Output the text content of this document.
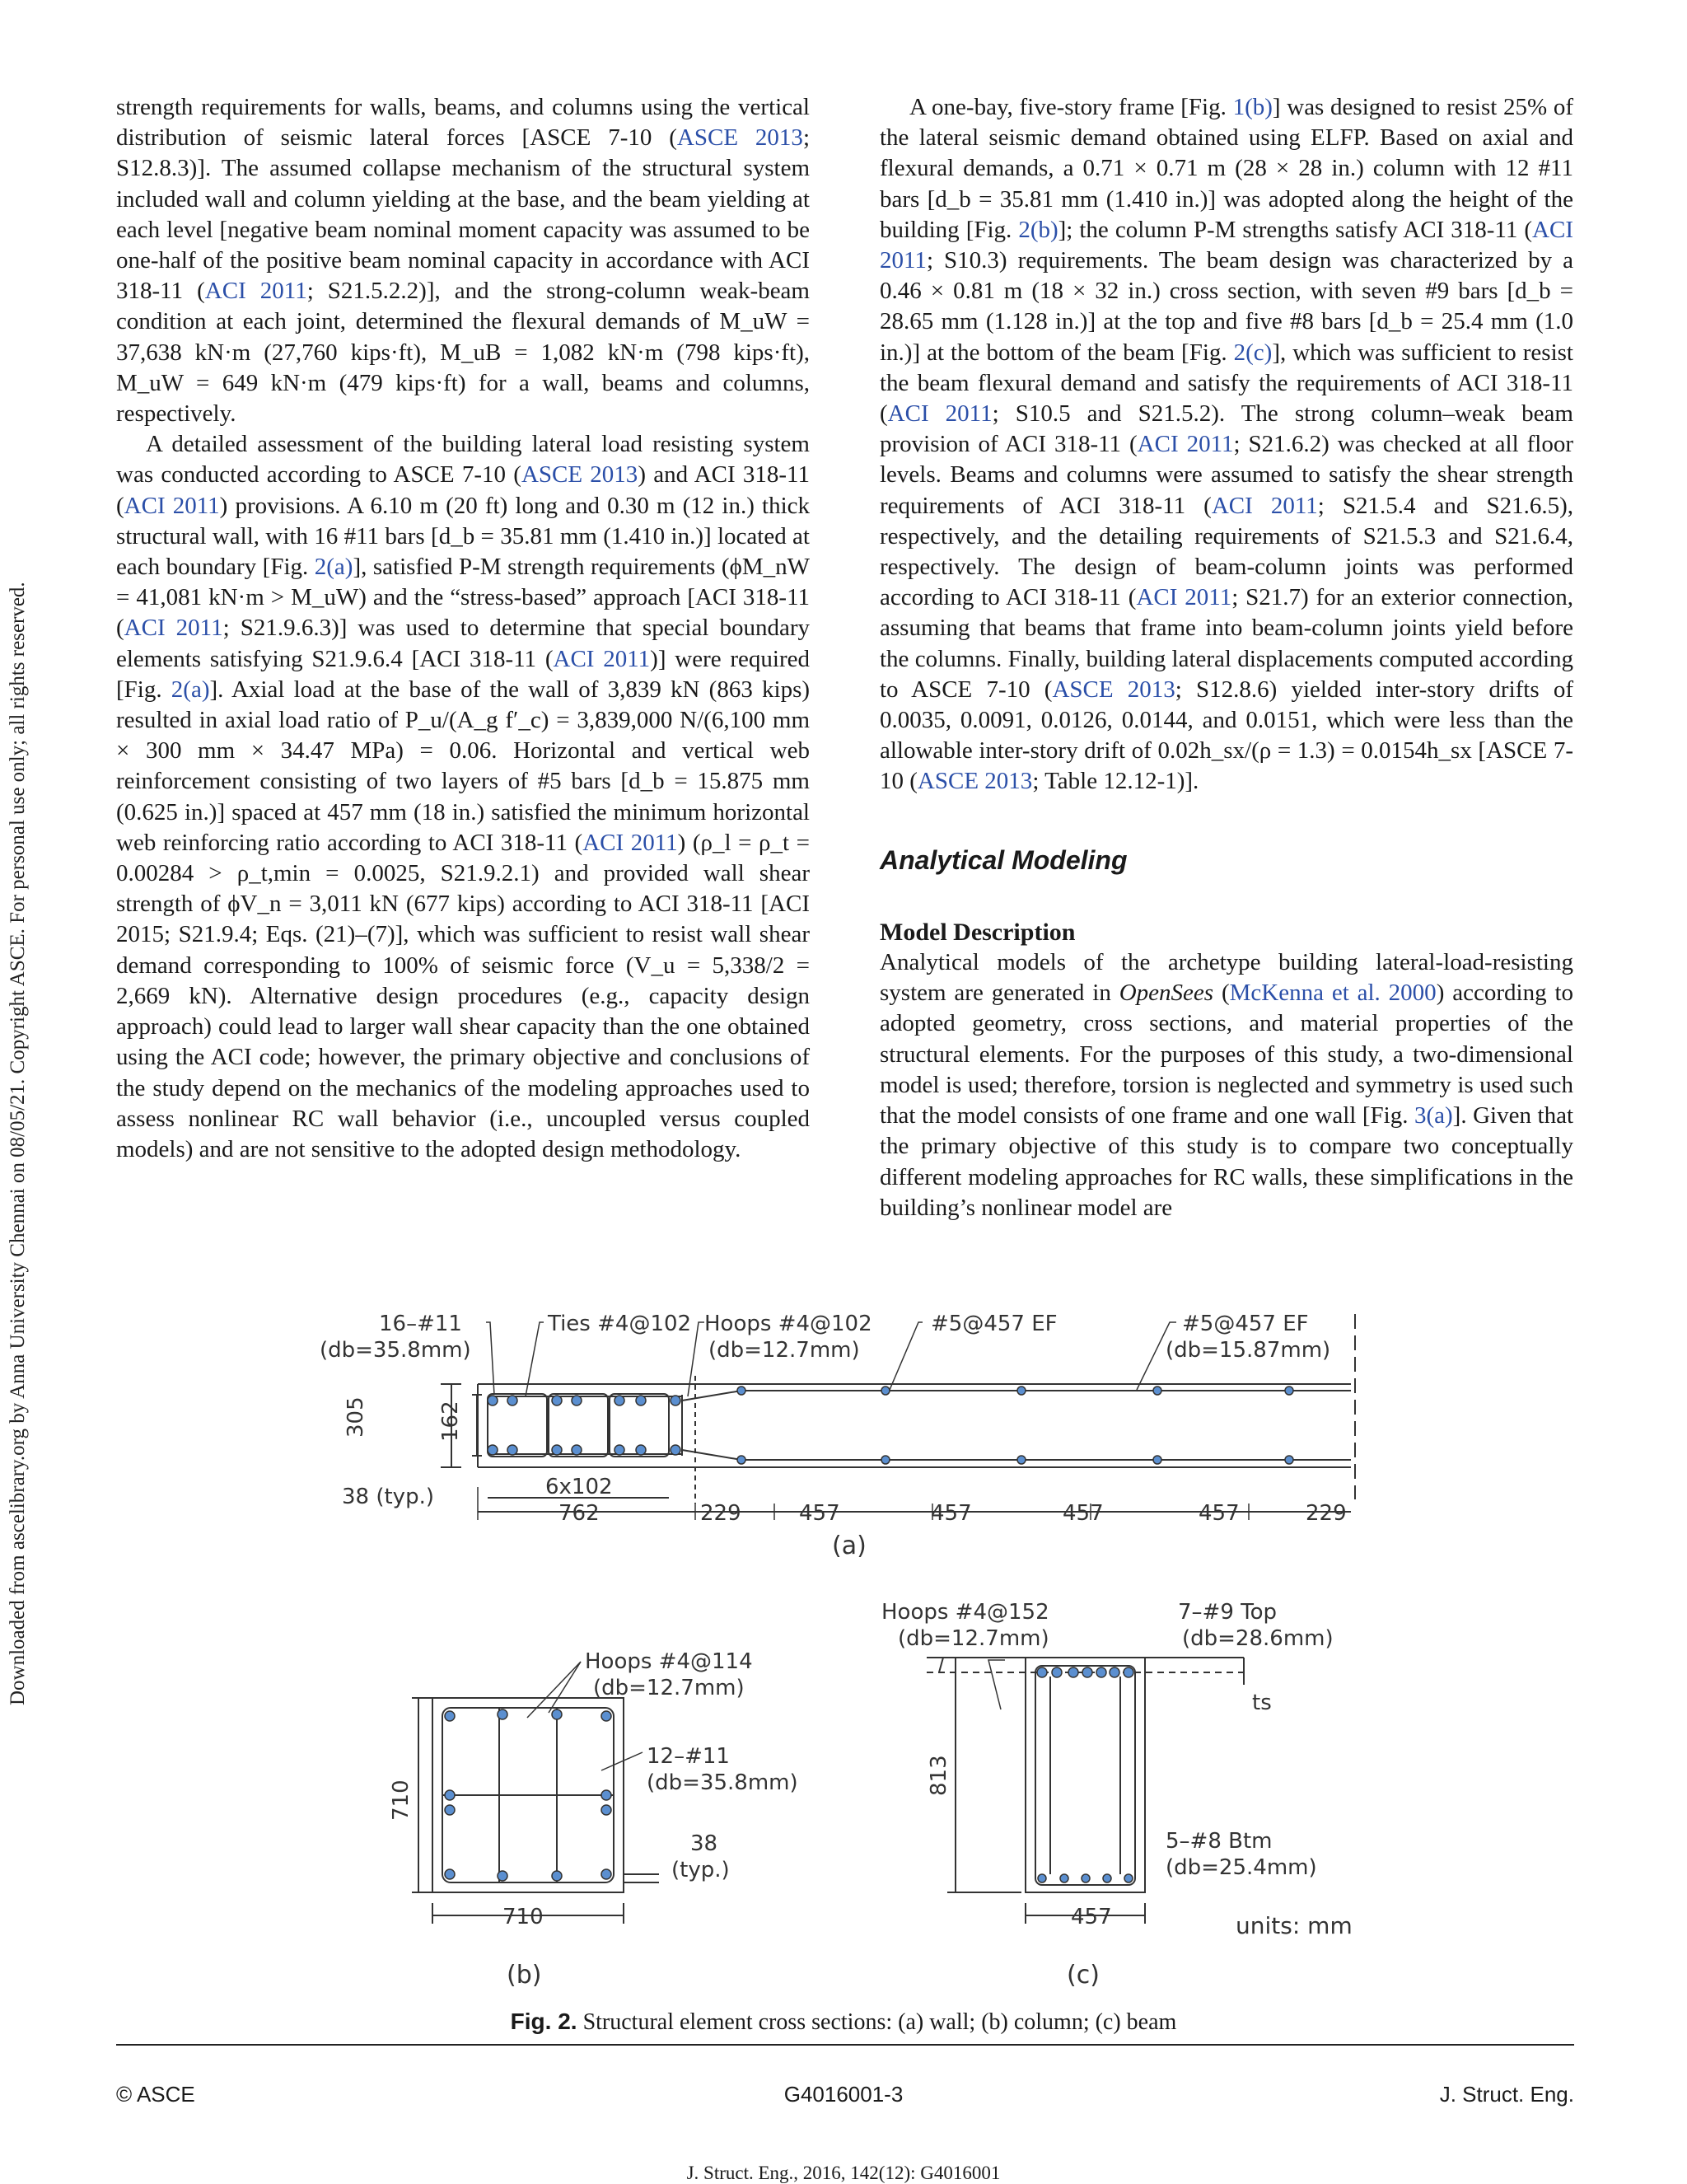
Downloaded from ascelibrary.org by Anna University Chennai on 08/05/21. Copyright ASCE. For personal use only; all rights reserved.

strength requirements for walls, beams, and columns using the vertical distribution of seismic lateral forces [ASCE 7-10 (ASCE 2013; S12.8.3)]. The assumed collapse mechanism of the structural system included wall and column yielding at the base, and the beam yielding at each level [negative beam nominal moment capacity was assumed to be one-half of the positive beam nominal capacity in accordance with ACI 318-11 (ACI 2011; S21.5.2.2)], and the strong-column weak-beam condition at each joint, determined the flexural demands of M_uW = 37,638 kN·m (27,760 kips·ft), M_uB = 1,082 kN·m (798 kips·ft), M_uW = 649 kN·m (479 kips·ft) for a wall, beams and columns, respectively.

A detailed assessment of the building lateral load resisting system was conducted according to ASCE 7-10 (ASCE 2013) and ACI 318-11 (ACI 2011) provisions. A 6.10 m (20 ft) long and 0.30 m (12 in.) thick structural wall, with 16 #11 bars [d_b = 35.81 mm (1.410 in.)] located at each boundary [Fig. 2(a)], satisfied P-M strength requirements (ϕM_nW = 41,081 kN·m > M_uW) and the “stress-based” approach [ACI 318-11 (ACI 2011; S21.9.6.3)] was used to determine that special boundary elements satisfying S21.9.6.4 [ACI 318-11 (ACI 2011)] were required [Fig. 2(a)]. Axial load at the base of the wall of 3,839 kN (863 kips) resulted in axial load ratio of P_u/(A_g f′_c) = 3,839,000 N/(6,100 mm × 300 mm × 34.47 MPa) = 0.06. Horizontal and vertical web reinforcement consisting of two layers of #5 bars [d_b = 15.875 mm (0.625 in.)] spaced at 457 mm (18 in.) satisfied the minimum horizontal web reinforcing ratio according to ACI 318-11 (ACI 2011) (ρ_l = ρ_t = 0.00284 > ρ_t,min = 0.0025, S21.9.2.1) and provided wall shear strength of ϕV_n = 3,011 kN (677 kips) according to ACI 318-11 [ACI 2015; S21.9.4; Eqs. (21)–(7)], which was sufficient to resist wall shear demand corresponding to 100% of seismic force (V_u = 5,338/2 = 2,669 kN). Alternative design procedures (e.g., capacity design approach) could lead to larger wall shear capacity than the one obtained using the ACI code; however, the primary objective and conclusions of the study depend on the mechanics of the modeling approaches used to assess nonlinear RC wall behavior (i.e., uncoupled versus coupled models) and are not sensitive to the adopted design methodology.

A one-bay, five-story frame [Fig. 1(b)] was designed to resist 25% of the lateral seismic demand obtained using ELFP. Based on axial and flexural demands, a 0.71 × 0.71 m (28 × 28 in.) column with 12 #11 bars [d_b = 35.81 mm (1.410 in.)] was adopted along the height of the building [Fig. 2(b)]; the column P-M strengths satisfy ACI 318-11 (ACI 2011; S10.3) requirements. The beam design was characterized by a 0.46 × 0.81 m (18 × 32 in.) cross section, with seven #9 bars [d_b = 28.65 mm (1.128 in.)] at the top and five #8 bars [d_b = 25.4 mm (1.0 in.)] at the bottom of the beam [Fig. 2(c)], which was sufficient to resist the beam flexural demand and satisfy the requirements of ACI 318-11 (ACI 2011; S10.5 and S21.5.2). The strong column–weak beam provision of ACI 318-11 (ACI 2011; S21.6.2) was checked at all floor levels. Beams and columns were assumed to satisfy the shear strength requirements of ACI 318-11 (ACI 2011; S21.5.4 and S21.6.5), respectively, and the detailing requirements of S21.5.3 and S21.6.4, respectively. The design of beam-column joints was performed according to ACI 318-11 (ACI 2011; S21.7) for an exterior connection, assuming that beams that frame into beam-column joints yield before the columns. Finally, building lateral displacements computed according to ASCE 7-10 (ASCE 2013; S12.8.6) yielded inter-story drifts of 0.0035, 0.0091, 0.0126, 0.0144, and 0.0151, which were less than the allowable inter-story drift of 0.02h_sx/(ρ = 1.3) = 0.0154h_sx [ASCE 7-10 (ASCE 2013; Table 12.12-1)].

Analytical Modeling

Model Description

Analytical models of the archetype building lateral-load-resisting system are generated in OpenSees (McKenna et al. 2000) according to adopted geometry, cross sections, and material properties of the structural elements. For the purposes of this study, a two-dimensional model is used; therefore, torsion is neglected and symmetry is used such that the model consists of one frame and one wall [Fig. 3(a)]. Given that the primary objective of this study is to compare two conceptually different modeling approaches for RC walls, these simplifications in the building’s nonlinear model are

16–#11
(db=35.8mm)
Ties #4@102 Hoops #4@102
(db=12.7mm)
#5@457 EF	#5@457 EF
(db=15.87mm)
305	162
38 (typ.)	6x102
762	229	457	457	457	457	229
(a)
Hoops #4@114
(db=12.7mm)
12–#11
(db=35.8mm)
38
(typ.)
710
710
(b)
Hoops #4@152
(db=12.7mm)
7–#9 Top
(db=28.6mm)
ts
5–#8 Btm
(db=25.4mm)
813
457
(c)
units: mm
Fig. 2. Structural element cross sections: (a) wall; (b) column; (c) beam
© ASCE	G4016001-3	J. Struct. Eng.
J. Struct. Eng., 2016, 142(12): G4016001
